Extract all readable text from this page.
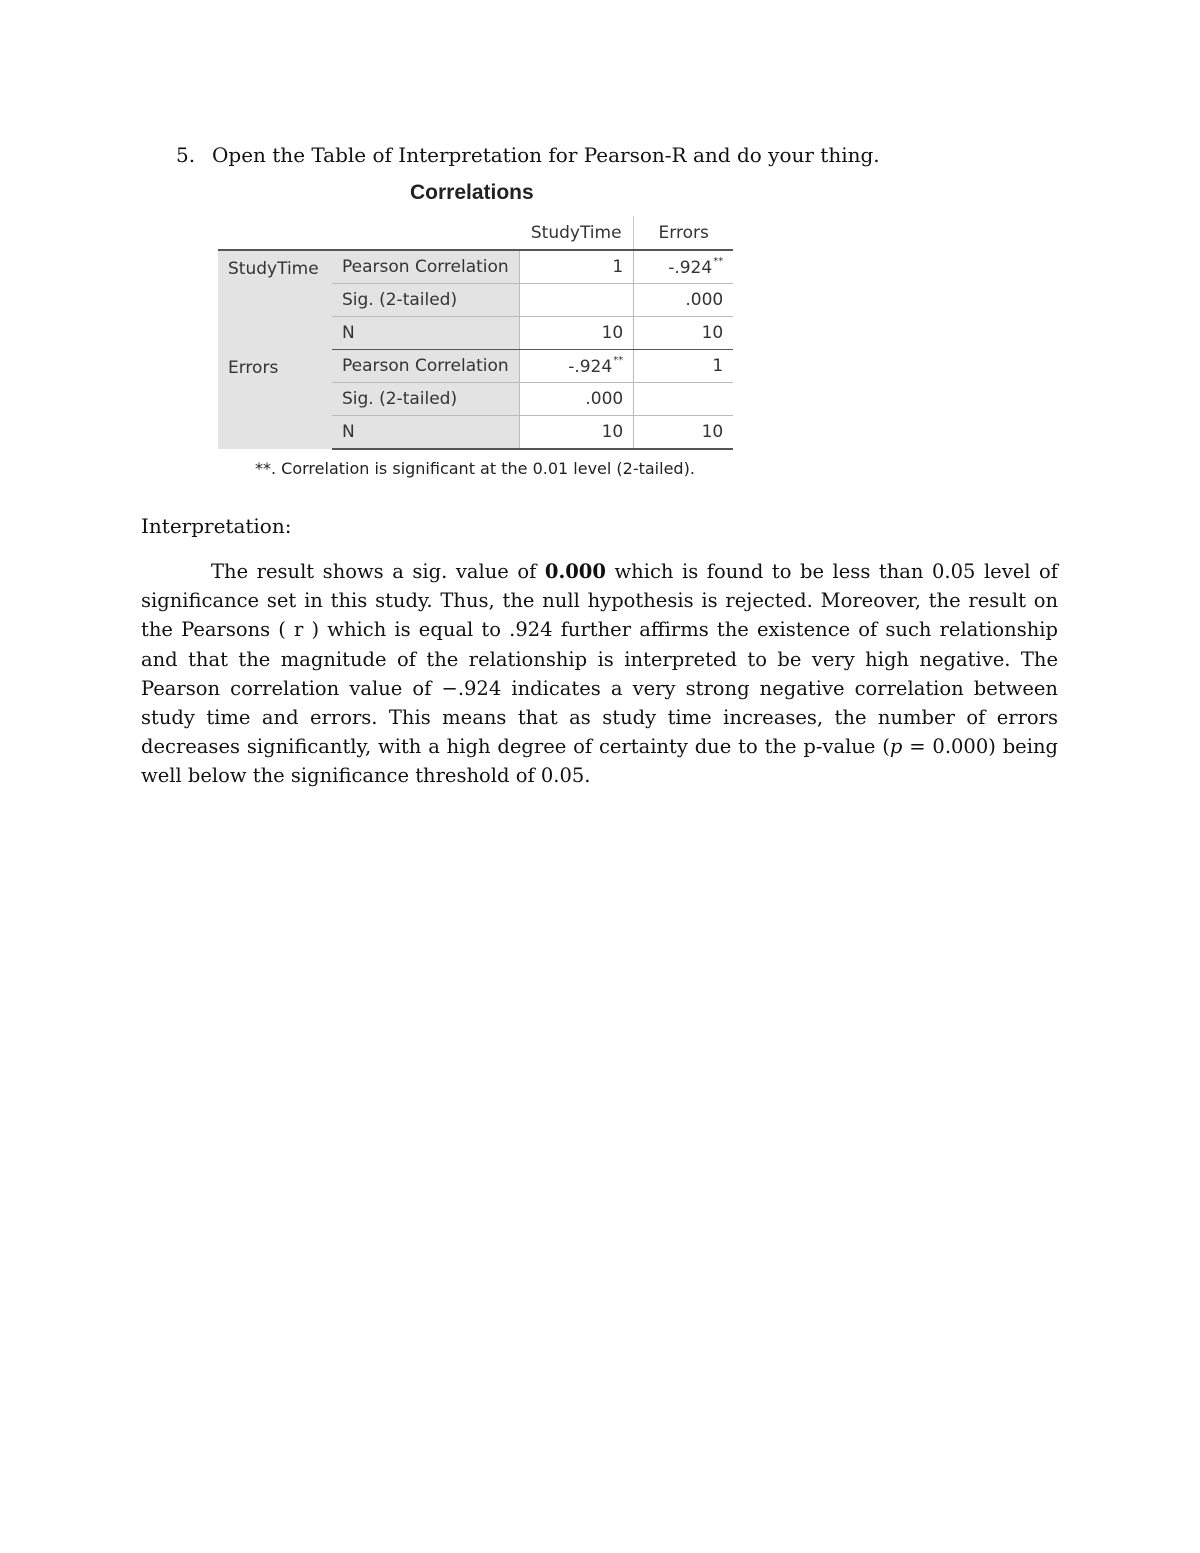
5. Open the Table of Interpretation for Pearson-R and do your thing.
Correlations
		StudyTime	Errors
StudyTime	Pearson Correlation	1	-.924**
	Sig. (2-tailed)		.000
	N	10	10
Errors	Pearson Correlation	-.924**	1
	Sig. (2-tailed)	.000	
	N	10	10
**. Correlation is significant at the 0.01 level (2-tailed).
Interpretation:

The result shows a sig. value of 0.000 which is found to be less than 0.05 level of significance set in this study. Thus, the null hypothesis is rejected. Moreover, the result on the Pearsons ( r ) which is equal to .924 further affirms the existence of such relationship and that the magnitude of the relationship is interpreted to be very high negative. The Pearson correlation value of −.924 indicates a very strong negative correlation between study time and errors. This means that as study time increases, the number of errors decreases significantly, with a high degree of certainty due to the p-value (p = 0.000) being well below the significance threshold of 0.05.
